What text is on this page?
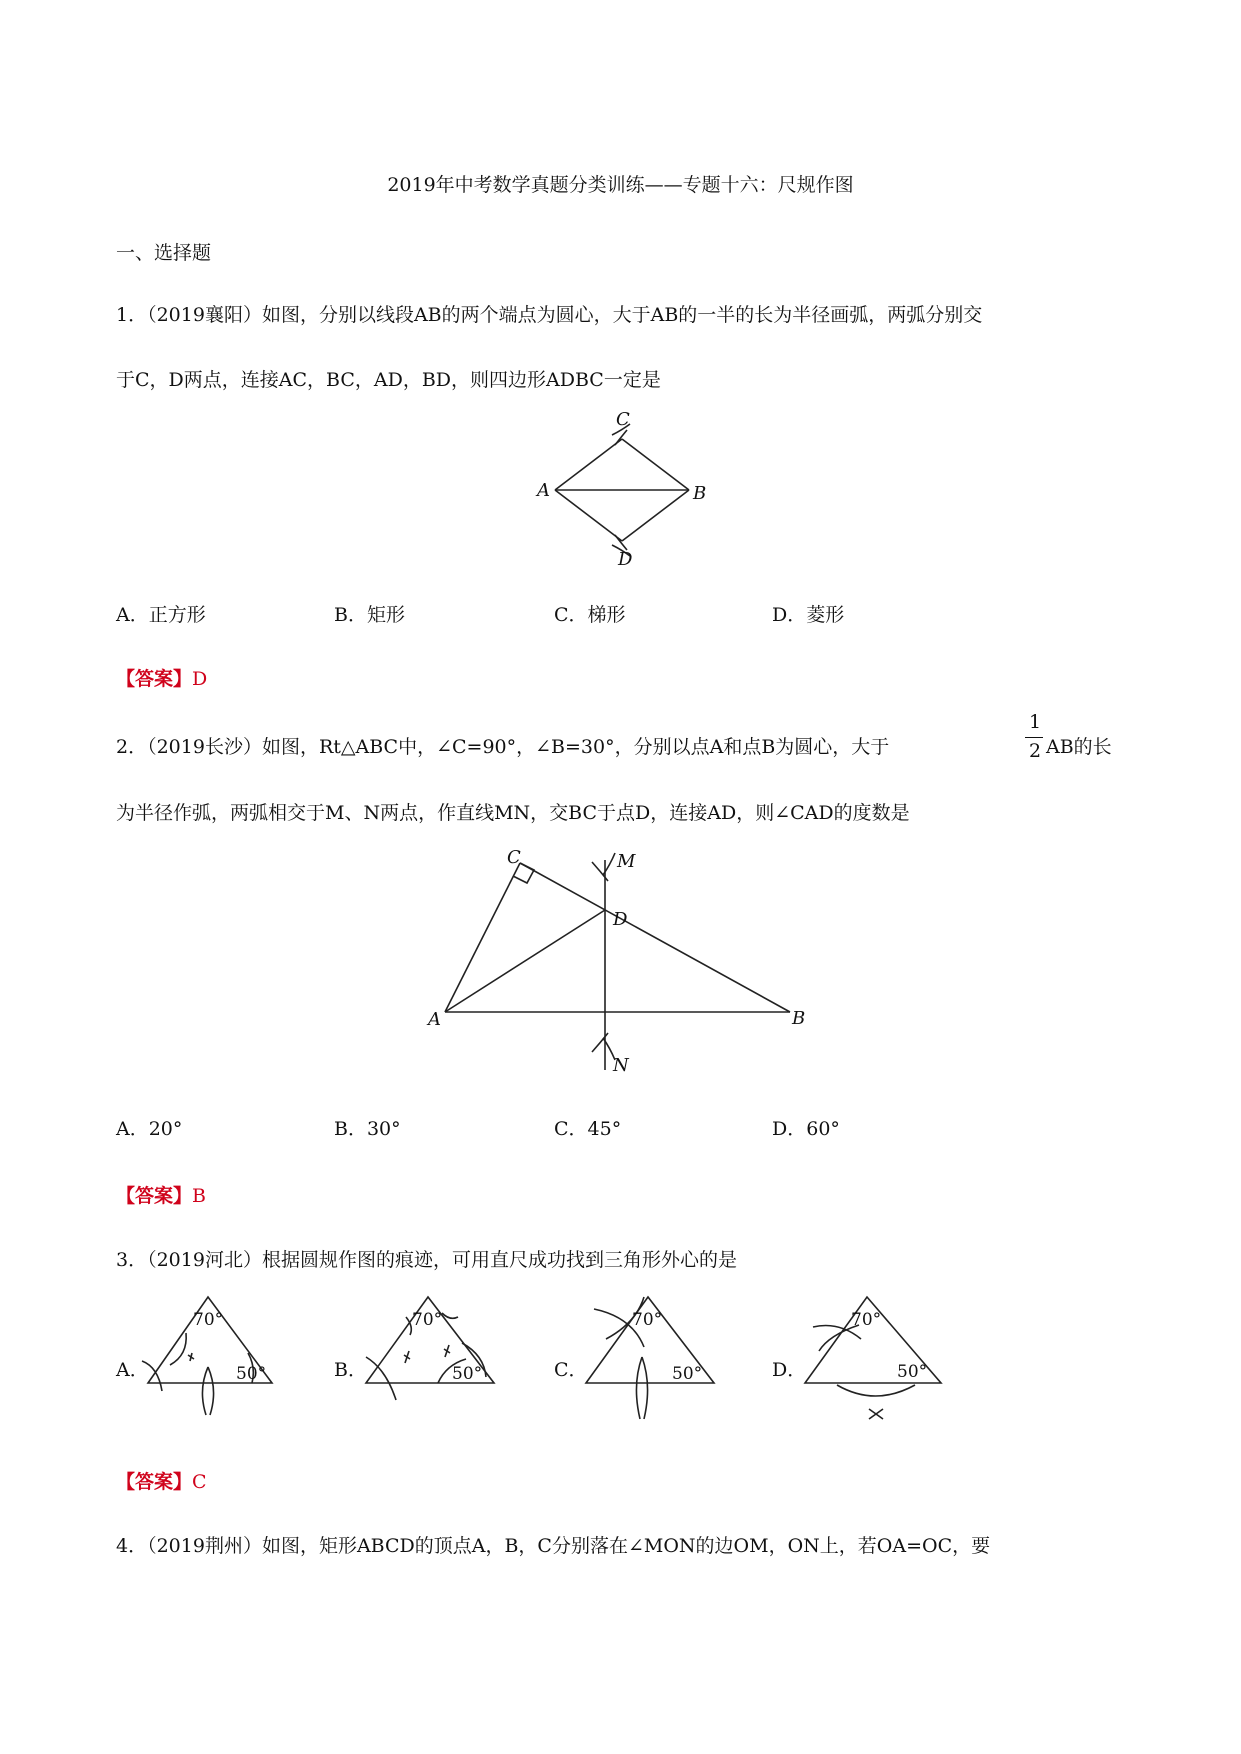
2019年中考数学真题分类训练——专题十六：尺规作图
一、选择题
1．（2019襄阳）如图，分别以线段AB的两个端点为圆心，大于AB的一半的长为半径画弧，两弧分别交
于C，D两点，连接AC，BC，AD，BD，则四边形ADBC一定是
A	B
C
D
A．正方形	B．矩形	C．梯形	D．菱形
【答案】D
2．（2019长沙）如图，Rt△ABC中，∠C=90°，∠B=30°，分别以点A和点B为圆心，大于
1
2 AB的长
为半径作弧，两弧相交于M、N两点，作直线MN，交BC于点D，连接AD，则∠CAD的度数是
C
D
M
A	B
N
A．20°	B．30°	C．45°	D．60°
【答案】B
3．（2019河北）根据圆规作图的痕迹，可用直尺成功找到三角形外心的是
A．
70°
50°	B．
70°
50°	C．
70°
50°	D．
70°
50°
【答案】C
4．（2019荆州）如图，矩形ABCD的顶点A，B，C分别落在∠MON的边OM，ON上，若OA=OC，要
